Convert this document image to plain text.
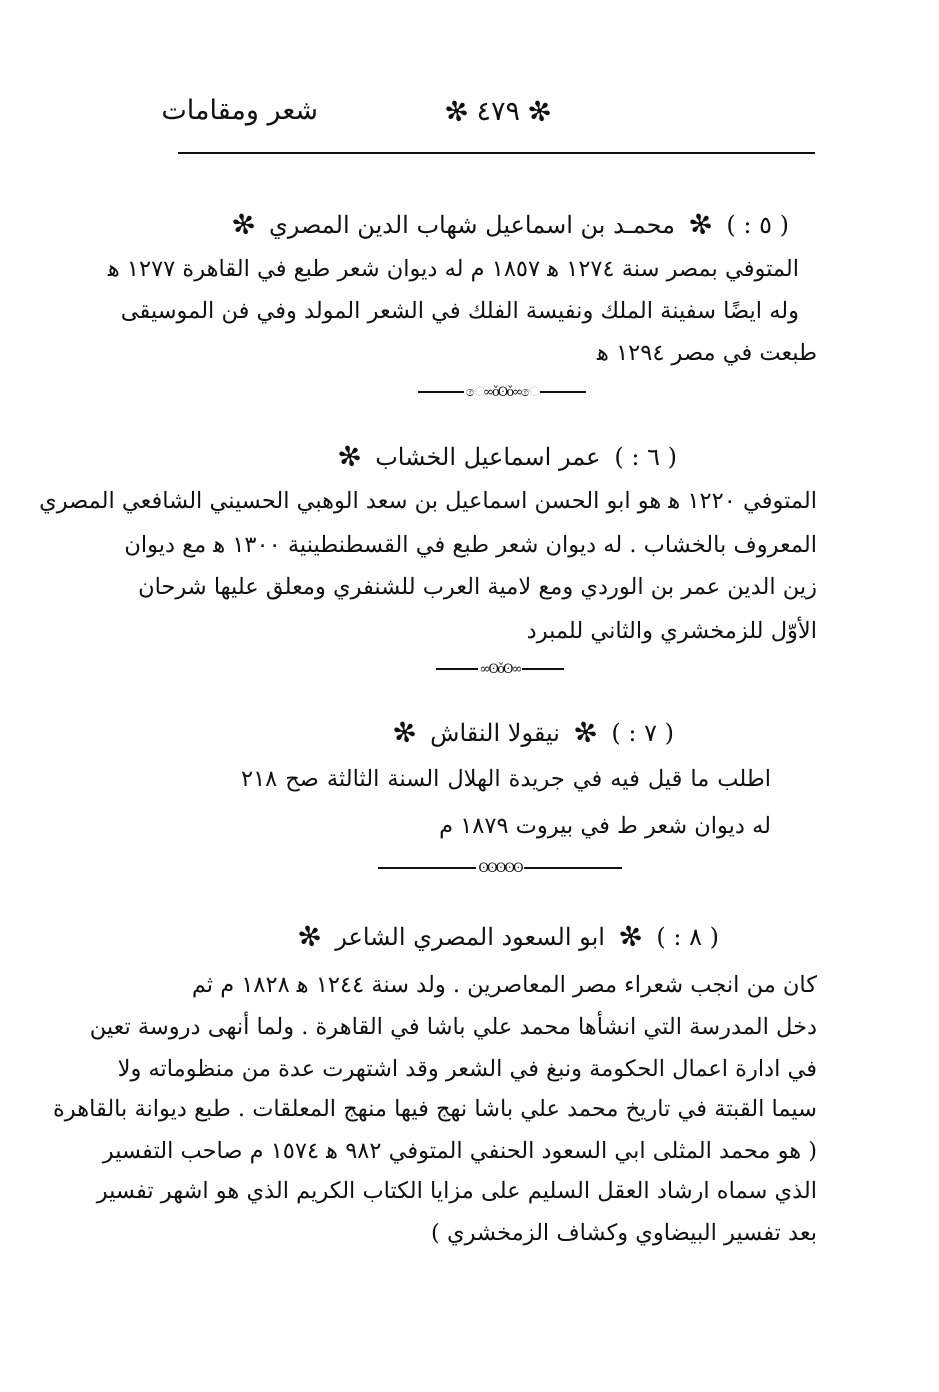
✻ ٤٧٩ ✻
شعر ومقامات
( ٥ : )
✻
محمـد بن اسماعيل شهاب الدين المصري
✻
المتوفي بمصر سنة ١٢٧٤ ﻫ ١٨٥٧ م له ديوان شعر طبع في القاهرة ١٢٧٧ ﻫ
وله ايضًا سفينة الملك ونفيسة الفلك في الشعر المولد وفي فن الموسيقى
طبعت في مصر ١٢٩٤ ﻫ
ෙ∞ǒʘǒ∞ෙ
( ٦ : )
عمر اسماعيل الخشاب
✻
المتوفي ١٢٢٠ ﻫ هو ابو الحسن اسماعيل بن سعد الوهبي الحسيني الشافعي المصري
المعروف بالخشاب . له ديوان شعر طبع في القسطنطينية ١٣٠٠ ﻫ مع ديوان
زين الدين عمر بن الوردي ومع لامية العرب للشنفري ومعلق عليها شرحان
الأوّل للزمخشري والثاني للمبرد
∞ʘǒʘ∞
( ٧ : )
✻
نيقولا النقاش
✻
اطلب ما قيل فيه في جريدة الهلال السنة الثالثة صح ٢١٨
له ديوان شعر ط في بيروت ١٨٧٩ م
ʘʘʘʘʘ
( ٨ : )
✻
ابو السعود المصري الشاعر
✻
كان من انجب شعراء مصر المعاصرين . ولد سنة ١٢٤٤ ﻫ ١٨٢٨ م ثم
دخل المدرسة التي انشأها محمد علي باشا في القاهرة . ولما أنهى دروسة تعين
في ادارة اعمال الحكومة ونبغ في الشعر وقد اشتهرت عدة من منظوماته ولا
سيما القبتة في تاريخ محمد علي باشا نهج فيها منهج المعلقات . طبع ديوانة بالقاهرة
( هو محمد المثلى ابي السعود الحنفي المتوفي ٩٨٢ ﻫ ١٥٧٤ م صاحب التفسير
الذي سماه ارشاد العقل السليم على مزايا الكتاب الكريم الذي هو اشهر تفسير
بعد تفسير البيضاوي وكشاف الزمخشري )
